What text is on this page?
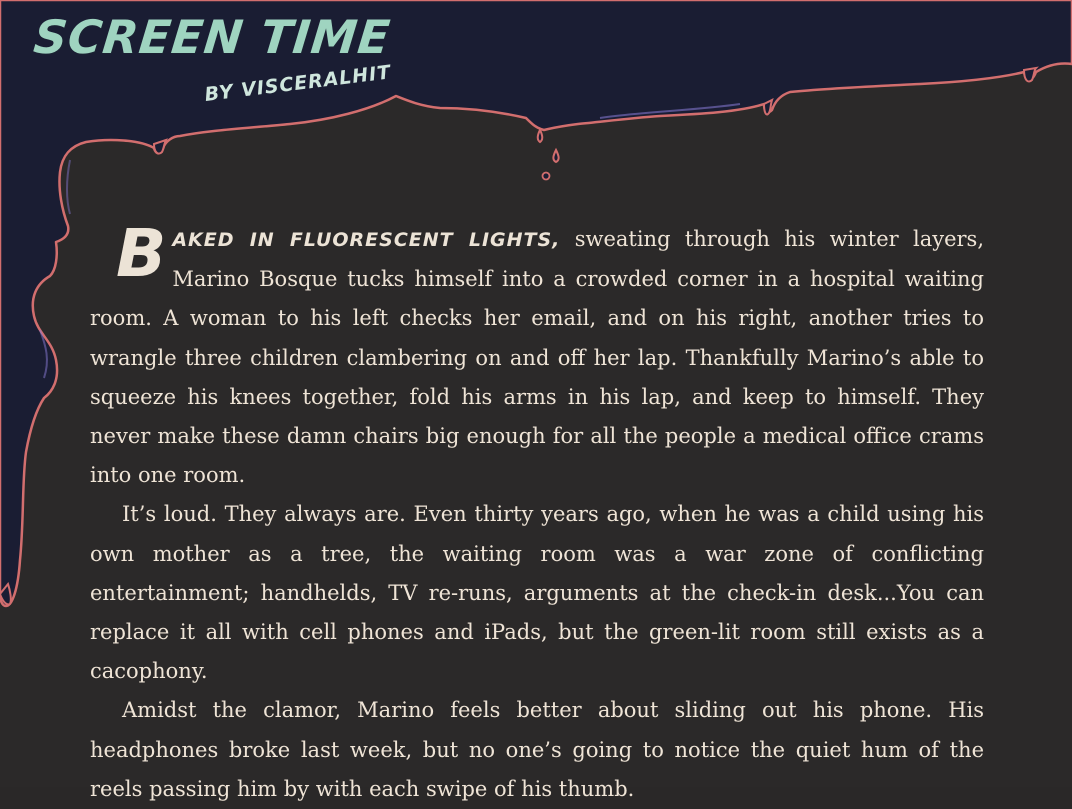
SCREEN TIME
BY VISCERALHIT

BAKED IN FLUORESCENT LIGHTS, sweating through his winter layers, Marino Bosque tucks himself into a crowded corner in a hospital waiting room. A woman to his left checks her email, and on his right, another tries to wrangle three children clambering on and off her lap. Thankfully Marino’s able to squeeze his knees together, fold his arms in his lap, and keep to himself. They never make these damn chairs big enough for all the people a medical office crams into one room.

It’s loud. They always are. Even thirty years ago, when he was a child using his own mother as a tree, the waiting room was a war zone of conflicting entertainment; handhelds, TV re-runs, arguments at the check-in desk...You can replace it all with cell phones and iPads, but the green-lit room still exists as a cacophony.

Amidst the clamor, Marino feels better about sliding out his phone. His headphones broke last week, but no one’s going to notice the quiet hum of the reels passing him by with each swipe of his thumb.
